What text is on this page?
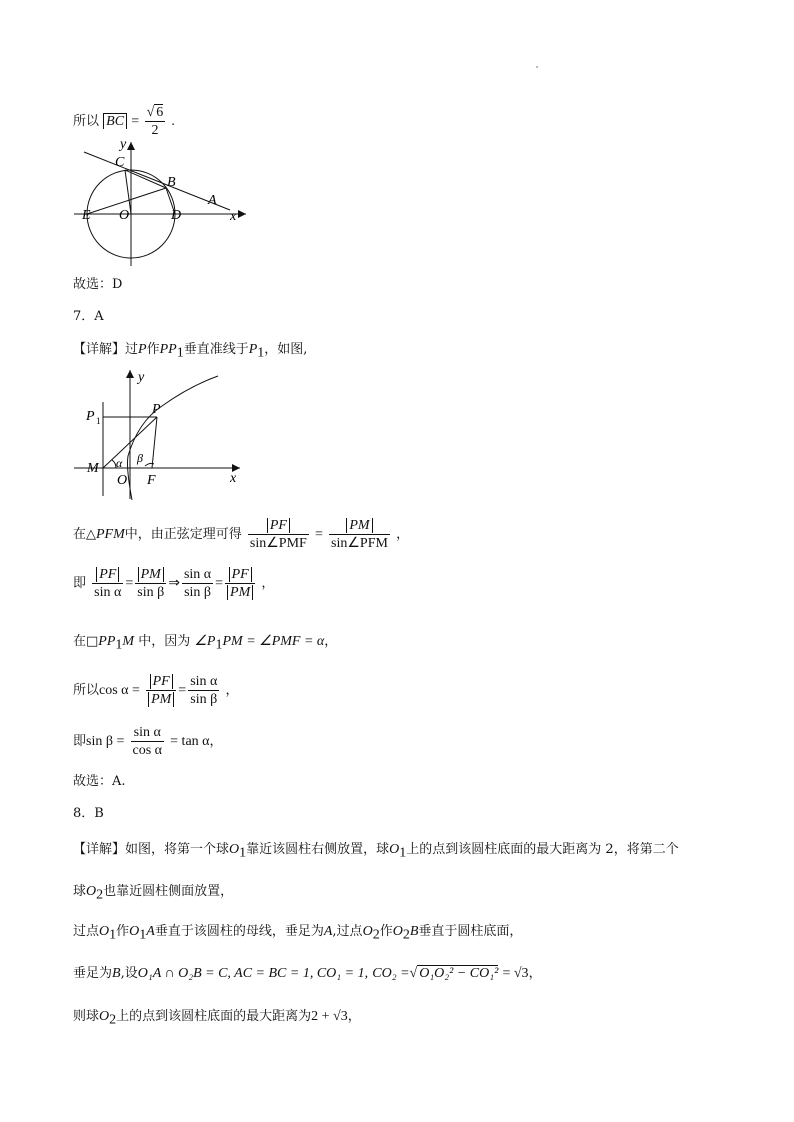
所以 BC = $\frac{√ 6}{2}$ .
y
C
B
A
E O	D	x
故选：D
7．A
【详解】过P作$PP_1$垂直准线于$P_1$，如图,
y
P 1
P
M α β
O F	x
在△PFM中，由正弦定理可得 $\frac{PF}{\text{sin∠PMF}} = \frac{PM}{\text{sin∠PFM}}$ ，
即 $\frac{PF}{\text{sin α}} = \frac{PM}{\text{sin β}}$ ⇒ $\frac{\text{sin α}}{\text{sin β}} = \frac{PF}{PM}$ ，
在$□PP_1M$ 中，因为 $\angle P_1PM$ = ∠PMF = α，
所以$\cos \alpha = \frac{PF}{PM} = \frac{\text{sin α}}{\text{sin β}}$ ，
即$\sin \beta = \frac{\text{sin α}}{\text{cos α}} = \tan \alpha$，
故选：A.
8．B
【详解】如图，将第一个球$O_1$靠近该圆柱右侧放置，球$O_1$上的点到该圆柱底面的最大距离为 2，将第二个
球$O_2$也靠近圆柱侧面放置，
过点$O_1$作$O_1A$垂直于该圆柱的母线，垂足为A,过点$O_2$作$O_2B$垂直于圆柱底面，
垂足为B,设O₁A ∩ O₂B = C, AC = BC = 1, CO₁ = 1, CO₂ =√ O₁O₂² − CO₁² = √3，
则球$O_2$上的点到该圆柱底面的最大距离为2 + √3，
